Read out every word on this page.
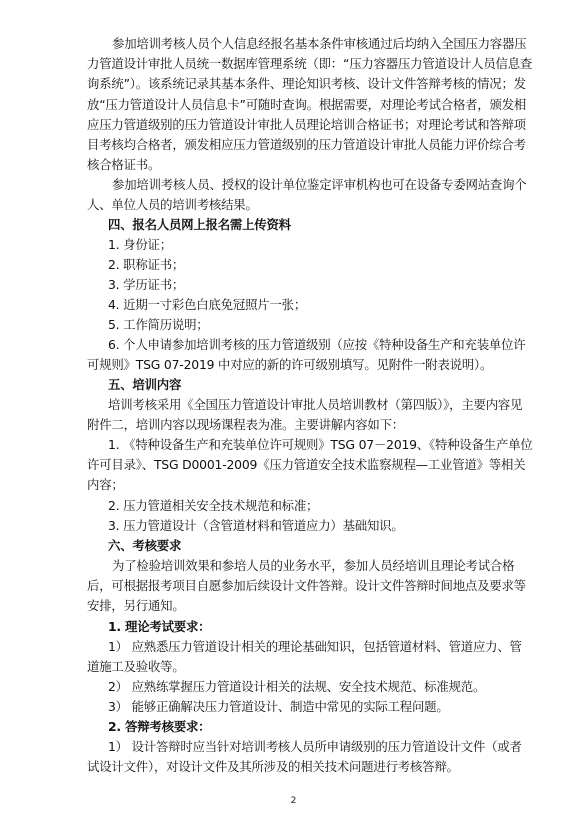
参加培训考核人员个人信息经报名基本条件审核通过后均纳入全国压力容器压力管道设计审批人员统一数据库管理系统（即：“压力容器压力管道设计人员信息查询系统”）。该系统记录其基本条件、理论知识考核、设计文件答辩考核的情况；发放“压力管道设计人员信息卡”可随时查询。根据需要，对理论考试合格者，颁发相应压力管道级别的压力管道设计审批人员理论培训合格证书；对理论考试和答辩项目考核均合格者，颁发相应压力管道级别的压力管道设计审批人员能力评价综合考核合格证书。

参加培训考核人员、授权的设计单位鉴定评审机构也可在设备专委网站查询个人、单位人员的培训考核结果。

四、报名人员网上报名需上传资料

1. 身份证；

2. 职称证书；

3. 学历证书；

4. 近期一寸彩色白底免冠照片一张；

5. 工作简历说明；

6. 个人申请参加培训考核的压力管道级别（应按《特种设备生产和充装单位许可规则》TSG 07-2019 中对应的新的许可级别填写。见附件一附表说明）。

五、培训内容

培训考核采用《全国压力管道设计审批人员培训教材（第四版）》，主要内容见附件二，培训内容以现场课程表为准。主要讲解内容如下：

1. 《特种设备生产和充装单位许可规则》TSG 07－2019、《特种设备生产单位许可目录》、TSG D0001-2009《压力管道安全技术监察规程—工业管道》等相关内容；

2. 压力管道相关安全技术规范和标准；

3. 压力管道设计（含管道材料和管道应力）基础知识。

六、考核要求

为了检验培训效果和参培人员的业务水平，参加人员经培训且理论考试合格后，可根据报考项目自愿参加后续设计文件答辩。设计文件答辩时间地点及要求等安排，另行通知。

1. 理论考试要求：

1） 应熟悉压力管道设计相关的理论基础知识，包括管道材料、管道应力、管道施工及验收等。

2） 应熟练掌握压力管道设计相关的法规、安全技术规范、标准规范。

3） 能够正确解决压力管道设计、制造中常见的实际工程问题。

2. 答辩考核要求：

1） 设计答辩时应当针对培训考核人员所申请级别的压力管道设计文件（或者试设计文件），对设计文件及其所涉及的相关技术问题进行考核答辩。

2
